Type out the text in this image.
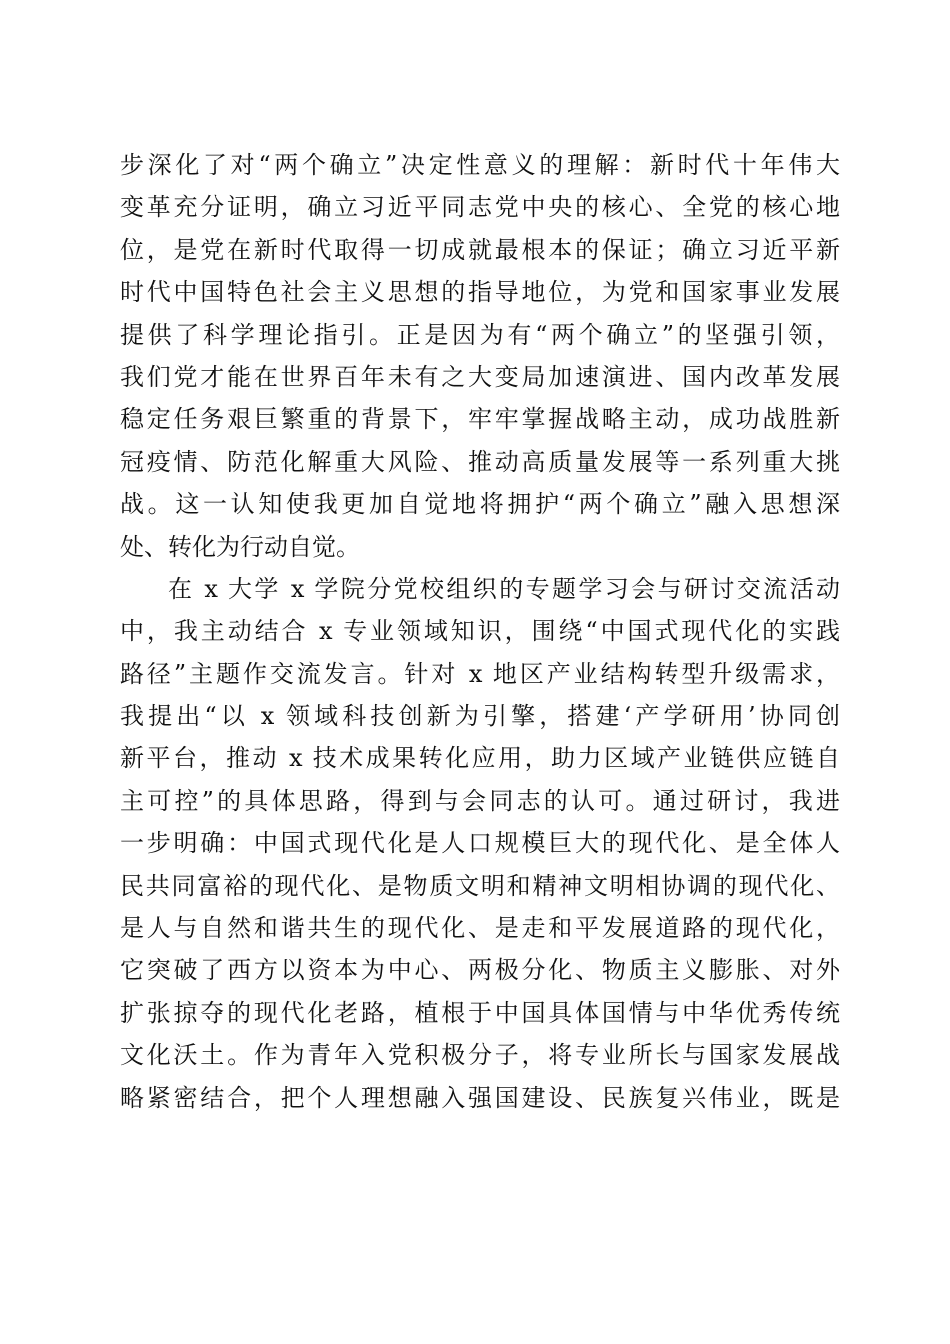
步深化了对“两个确立”决定性意义的理解：新时代十年伟大
变革充分证明，确立习近平同志党中央的核心、全党的核心地
位，是党在新时代取得一切成就最根本的保证；确立习近平新
时代中国特色社会主义思想的指导地位，为党和国家事业发展
提供了科学理论指引。正是因为有“两个确立”的坚强引领，
我们党才能在世界百年未有之大变局加速演进、国内改革发展
稳定任务艰巨繁重的背景下，牢牢掌握战略主动，成功战胜新
冠疫情、防范化解重大风险、推动高质量发展等一系列重大挑
战。这一认知使我更加自觉地将拥护“两个确立”融入思想深
处、转化为行动自觉。
在 x 大学 x 学院分党校组织的专题学习会与研讨交流活动
中，我主动结合 x 专业领域知识，围绕“中国式现代化的实践
路径”主题作交流发言。针对 x 地区产业结构转型升级需求，
我提出“以 x 领域科技创新为引擎，搭建‘产学研用’协同创
新平台，推动 x 技术成果转化应用，助力区域产业链供应链自
主可控”的具体思路，得到与会同志的认可。通过研讨，我进
一步明确：中国式现代化是人口规模巨大的现代化、是全体人
民共同富裕的现代化、是物质文明和精神文明相协调的现代化、
是人与自然和谐共生的现代化、是走和平发展道路的现代化，
它突破了西方以资本为中心、两极分化、物质主义膨胀、对外
扩张掠夺的现代化老路，植根于中国具体国情与中华优秀传统
文化沃土。作为青年入党积极分子，将专业所长与国家发展战
略紧密结合，把个人理想融入强国建设、民族复兴伟业，既是
